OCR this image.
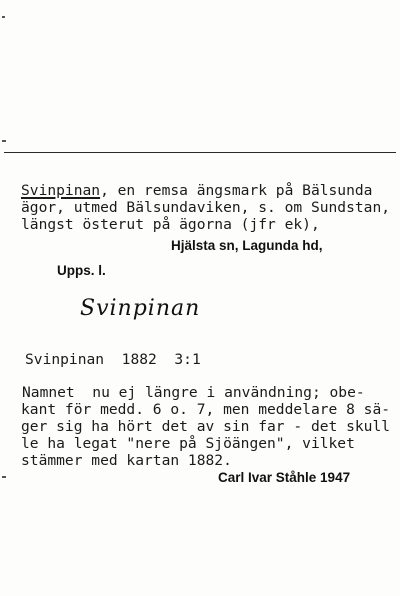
Svinpinan, en remsa ängsmark på Bälsunda
ägor, utmed Bälsundaviken, s. om Sundstan,
längst österut på ägorna (jfr ek),
Hjälsta sn, Lagunda hd,
Upps. l.
Svinpinan
Svinpinan 1882 3:1
Namnet  nu ej längre i användning; obe-
kant för medd. 6 o. 7, men meddelare 8 sä-
ger sig ha hört det av sin far - det skull
le ha legat "nere på Sjöängen", vilket
stämmer med kartan 1882.
Carl Ivar Ståhle 1947
